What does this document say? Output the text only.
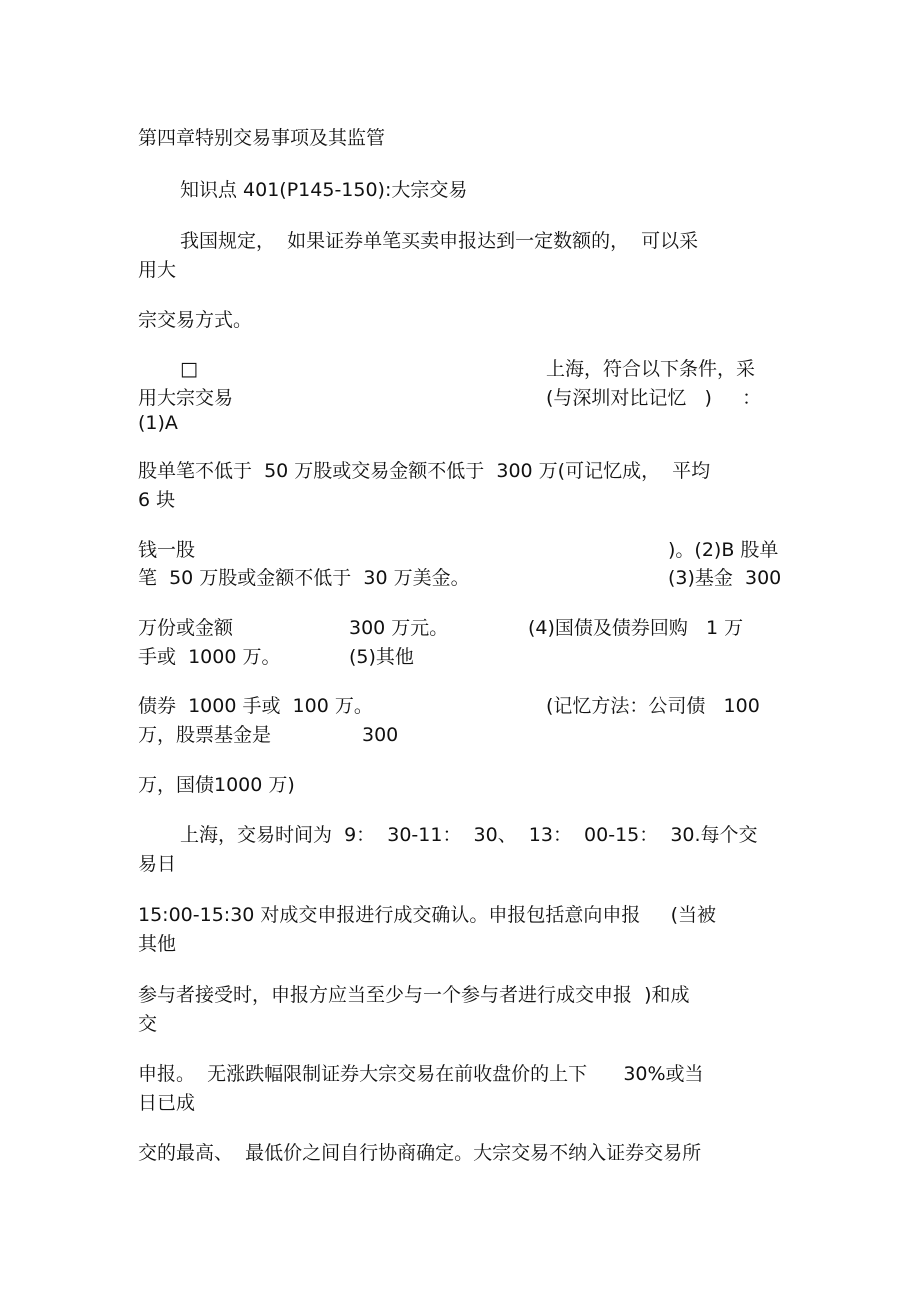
第四章特别交易事项及其监管
知识点 401(P145-150):大宗交易
我国规定，  如果证券单笔买卖申报达到一定数额的，  可以采
用大
宗交易方式。
□	上海，符合以下条件，采
用大宗交易	(与深圳对比记忆   )     ：
(1)A
股单笔不低于  50 万股或交易金额不低于  300 万(可记忆成，  平均
6 块
钱一股	)。(2)B 股单
笔  50 万股或金额不低于  30 万美金。	(3)基金  300
万份或金额	300 万元。	(4)国债及债券回购   1 万
手或  1000 万。	(5)其他
债券  1000 手或  100 万。	(记忆方法：公司债   100
万，股票基金是	300
万，国债1000 万)
上海，交易时间为  9：  30-11：  30、  13：  00-15：  30.每个交
易日
15:00-15:30 对成交申报进行成交确认。申报包括意向申报     (当被
其他
参与者接受时，申报方应当至少与一个参与者进行成交申报  )和成
交
申报。  无涨跌幅限制证券大宗交易在前收盘价的上下      30%或当
日已成
交的最高、  最低价之间自行协商确定。大宗交易不纳入证券交易所
